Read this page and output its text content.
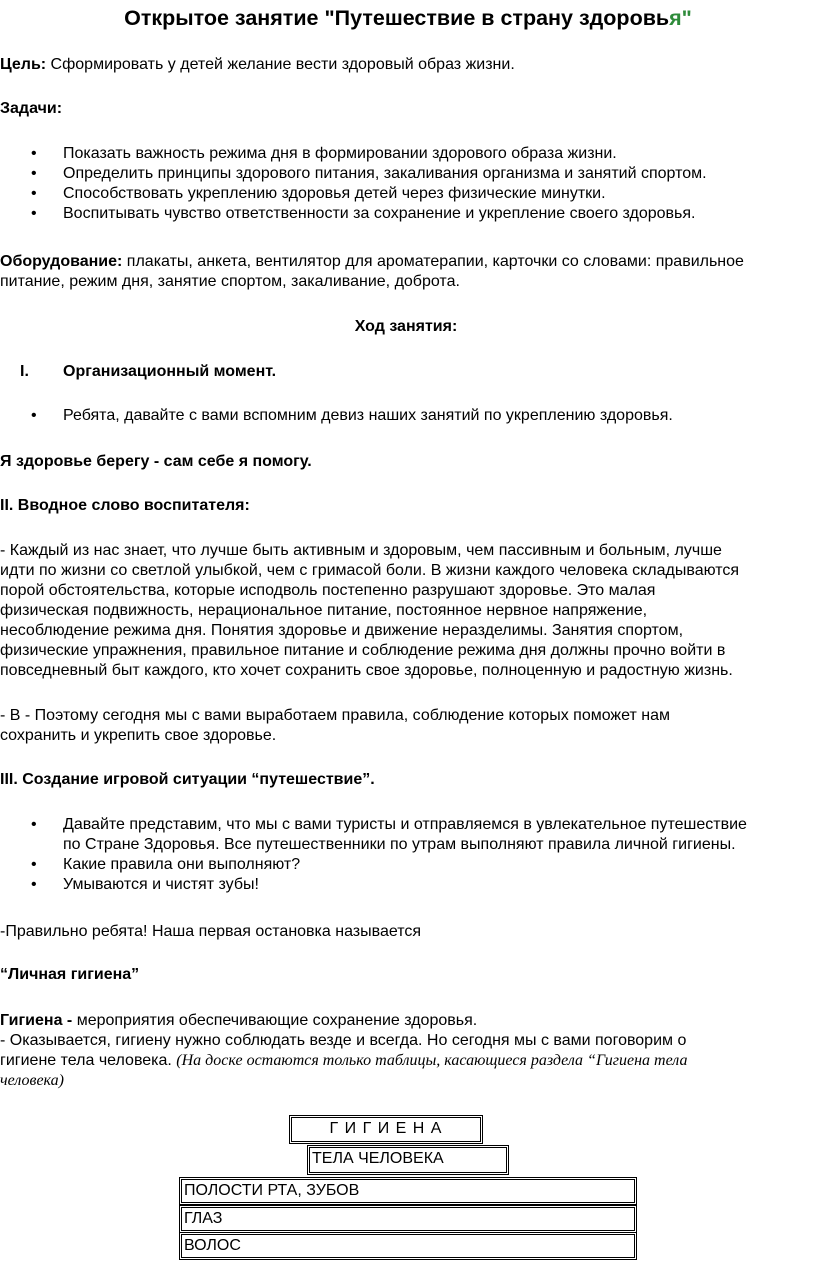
Открытое занятие "Путешествие в страну здоровья"

Цель: Сформировать у детей желание вести здоровый образ жизни.

Задачи:

• Показать важность режима дня в формировании здорового образа жизни.
• Определить принципы здорового питания, закаливания организма и занятий спортом.
• Способствовать укреплению здоровья детей через физические минутки.
• Воспитывать чувство ответственности за сохранение и укрепление своего здоровья.

Оборудование: плакаты, анкета, вентилятор для ароматерапии, карточки со словами: правильное
питание, режим дня, занятие спортом, закаливание, доброта.

Ход занятия:

I. Организационный момент.
• Ребята, давайте с вами вспомним девиз наших занятий по укреплению здоровья.

Я здоровье берегу - сам себе я помогу.

II. Вводное слово воспитателя:

- Каждый из нас знает, что лучше быть активным и здоровым, чем пассивным и больным, лучше
идти по жизни со светлой улыбкой, чем с гримасой боли. В жизни каждого человека складываются
порой обстоятельства, которые исподволь постепенно разрушают здоровье. Это малая
физическая подвижность, нерациональное питание, постоянное нервное напряжение,
несоблюдение режима дня. Понятия здоровье и движение неразделимы. Занятия спортом,
физические упражнения, правильное питание и соблюдение режима дня должны прочно войти в
повседневный быт каждого, кто хочет сохранить свое здоровье, полноценную и радостную жизнь.
- В - Поэтому сегодня мы с вами выработаем правила, соблюдение которых поможет нам
сохранить и укрепить свое здоровье.

III. Создание игровой ситуации “путешествие”.

• Давайте представим, что мы с вами туристы и отправляемся в увлекательное путешествие
по Стране Здоровья. Все путешественники по утрам выполняют правила личной гигиены.
• Какие правила они выполняют?
• Умываются и чистят зубы!

-Правильно ребята! Наша первая остановка называется

“Личная гигиена”

Гигиена - мероприятия обеспечивающие сохранение здоровья.
- Оказывается, гигиену нужно соблюдать везде и всегда. Но сегодня мы с вами поговорим о
гигиене тела человека. (На доске остаются только таблицы, касающиеся раздела “Гигиена тела
человека)
Г И Г И Е Н А
ТЕЛА ЧЕЛОВЕКА
ПОЛОСТИ РТА, ЗУБОВ
ГЛАЗ
ВОЛОС
